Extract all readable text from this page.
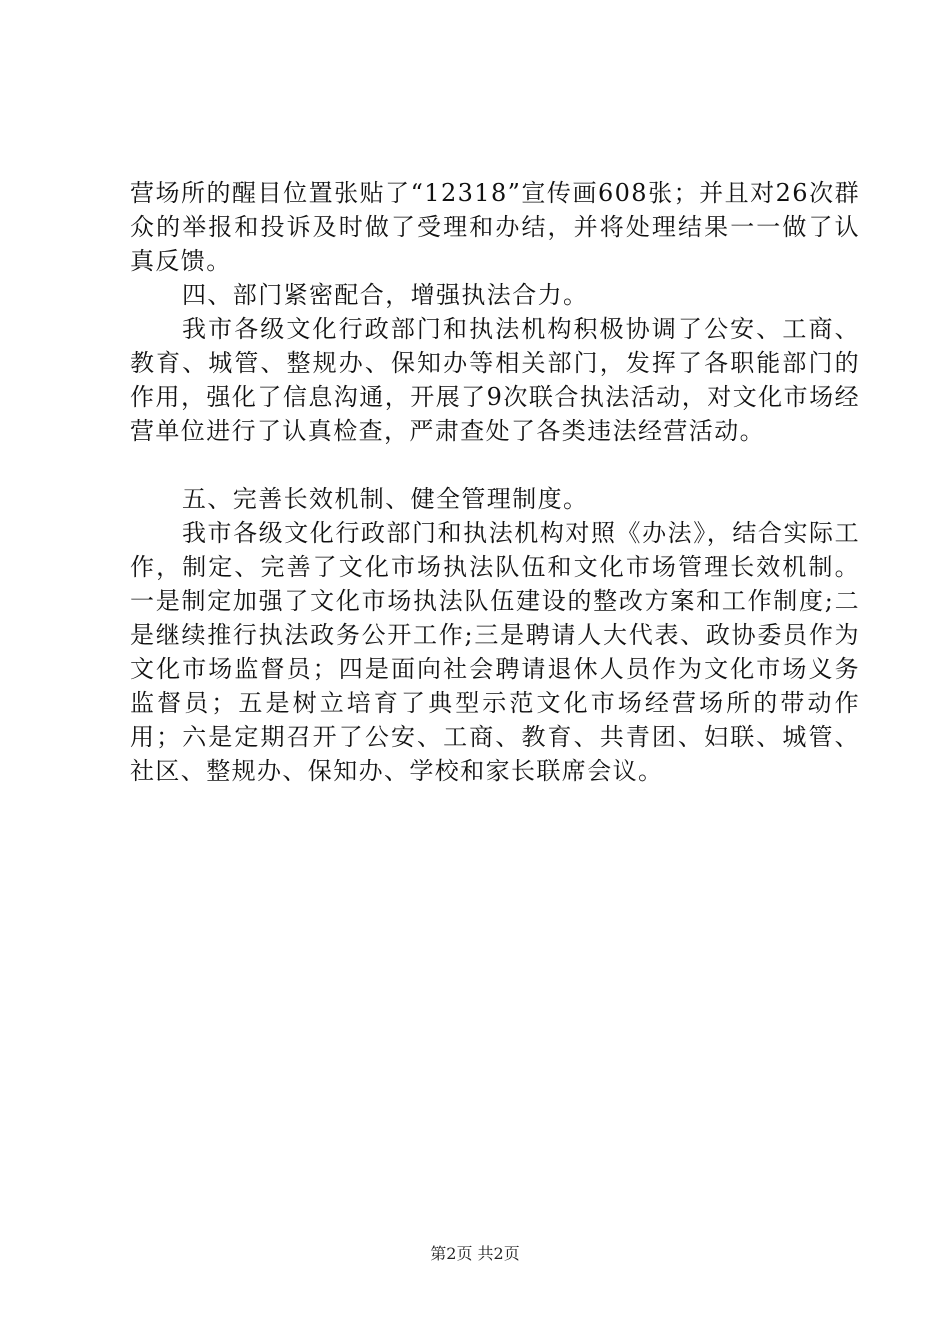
营场所的醒目位置张贴了“12318”宣传画608张；并且对26次群众的举报和投诉及时做了受理和办结，并将处理结果一一做了认真反馈。

四、部门紧密配合，增强执法合力。

我市各级文化行政部门和执法机构积极协调了公安、工商、教育、城管、整规办、保知办等相关部门，发挥了各职能部门的作用，强化了信息沟通，开展了9次联合执法活动，对文化市场经营单位进行了认真检查，严肃查处了各类违法经营活动。

五、完善长效机制、健全管理制度。

我市各级文化行政部门和执法机构对照《办法》，结合实际工作，制定、完善了文化市场执法队伍和文化市场管理长效机制。一是制定加强了文化市场执法队伍建设的整改方案和工作制度;二是继续推行执法政务公开工作;三是聘请人大代表、政协委员作为文化市场监督员；四是面向社会聘请退休人员作为文化市场义务监督员；五是树立培育了典型示范文化市场经营场所的带动作用；六是定期召开了公安、工商、教育、共青团、妇联、城管、社区、整规办、保知办、学校和家长联席会议。

第2页 共2页
